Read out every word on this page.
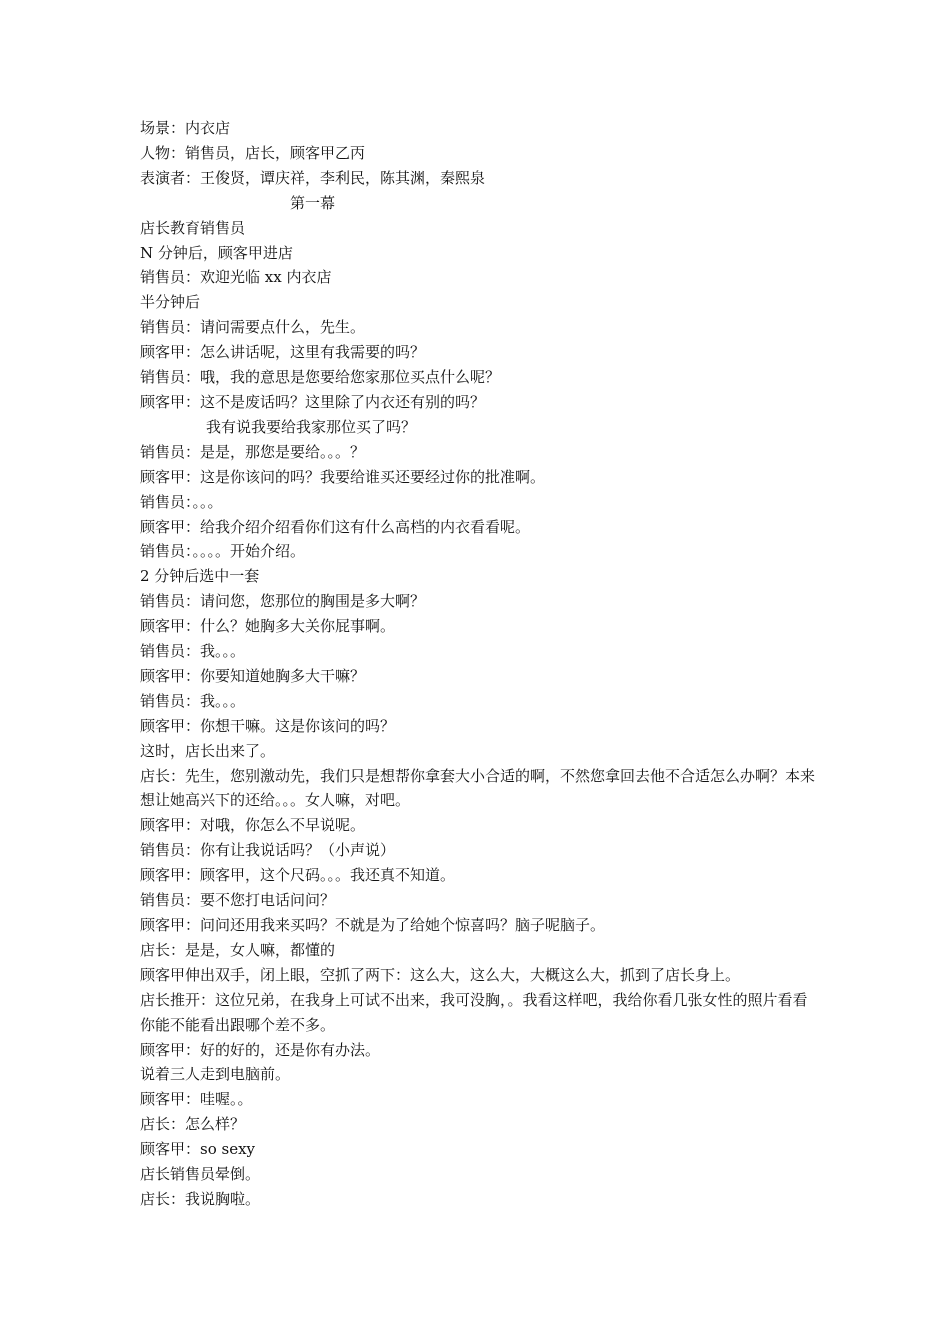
场景：内衣店

人物：销售员，店长，顾客甲乙丙

表演者：王俊贤，谭庆祥，李利民，陈其渊，秦熙泉

第一幕

店长教育销售员

N 分钟后，顾客甲进店

销售员：欢迎光临 xx 内衣店

半分钟后

销售员：请问需要点什么，先生。

顾客甲：怎么讲话呢，这里有我需要的吗？

销售员：哦，我的意思是您要给您家那位买点什么呢？

顾客甲：这不是废话吗？这里除了内衣还有别的吗？

我有说我要给我家那位买了吗？

销售员：是是，那您是要给。。。？

顾客甲：这是你该问的吗？我要给谁买还要经过你的批准啊。

销售员：。。。

顾客甲：给我介绍介绍看你们这有什么高档的内衣看看呢。

销售员：。。。。开始介绍。

2 分钟后选中一套

销售员：请问您，您那位的胸围是多大啊？

顾客甲：什么？她胸多大关你屁事啊。

销售员：我。。。

顾客甲：你要知道她胸多大干嘛？

销售员：我。。。

顾客甲：你想干嘛。这是你该问的吗？

这时，店长出来了。

店长：先生，您别激动先，我们只是想帮你拿套大小合适的啊，不然您拿回去他不合适怎么办啊？本来想让她高兴下的还给。。。女人嘛，对吧。

顾客甲：对哦，你怎么不早说呢。

销售员：你有让我说话吗？（小声说）

顾客甲：顾客甲，这个尺码。。。我还真不知道。

销售员：要不您打电话问问？

顾客甲：问问还用我来买吗？不就是为了给她个惊喜吗？脑子呢脑子。

店长：是是，女人嘛，都懂的

顾客甲伸出双手，闭上眼，空抓了两下：这么大，这么大，大概这么大，抓到了店长身上。

店长推开：这位兄弟，在我身上可试不出来，我可没胸，。我看这样吧，我给你看几张女性的照片看看你能不能看出跟哪个差不多。

顾客甲：好的好的，还是你有办法。

说着三人走到电脑前。

顾客甲：哇喔。。

店长：怎么样？

顾客甲：so sexy

店长销售员晕倒。

店长：我说胸啦。
